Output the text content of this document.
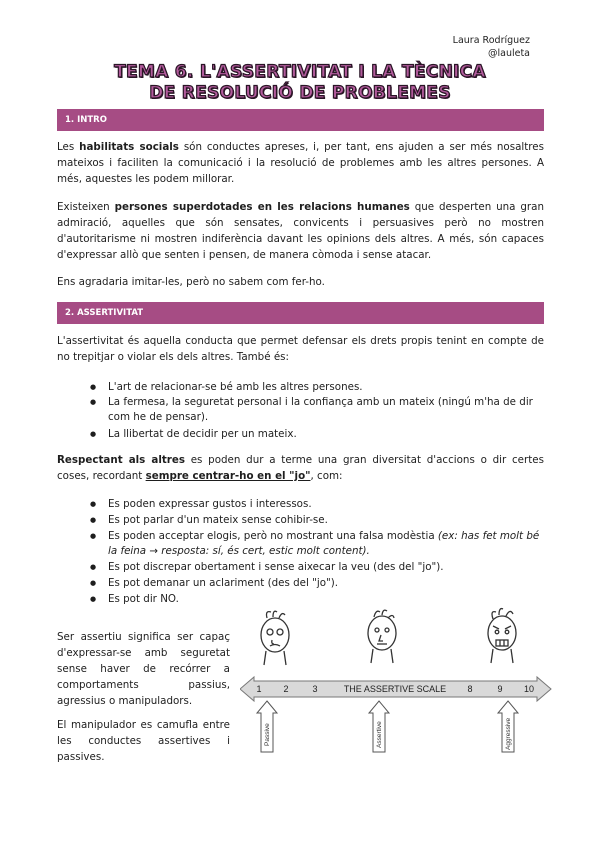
Laura Rodríguez
@lauleta
TEMA 6. L'ASSERTIVITAT I LA TÈCNICA
DE RESOLUCIÓ DE PROBLEMES
1. INTRO

Les habilitats socials són conductes apreses, i, per tant, ens ajuden a ser més nosaltres mateixos i faciliten la comunicació i la resolució de problemes amb les altres persones. A més, aquestes les podem millorar.

Existeixen persones superdotades en les relacions humanes que desperten una gran admiració, aquelles que són sensates, convicents i persuasives però no mostren d'autoritarisme ni mostren indiferència davant les opinions dels altres. A més, són capaces d'expressar allò que senten i pensen, de manera còmoda i sense atacar.

Ens agradaria imitar-les, però no sabem com fer-ho.

2. ASSERTIVITAT

L'assertivitat és aquella conducta que permet defensar els drets propis tenint en compte de no trepitjar o violar els dels altres. També és:

● L'art de relacionar-se bé amb les altres persones.
● La fermesa, la seguretat personal i la confiança amb un mateix (ningú m'ha de dir com he de pensar).
● La llibertat de decidir per un mateix.

Respectant als altres es poden dur a terme una gran diversitat d'accions o dir certes coses, recordant sempre centrar-ho en el "jo", com:

● Es poden expressar gustos i interessos.
● Es pot parlar d'un mateix sense cohibir-se.
● Es poden acceptar elogis, però no mostrant una falsa modèstia (ex: has fet molt bé la feina → resposta: sí, és cert, estic molt content).
● Es pot discrepar obertament i sense aixecar la veu (des del "jo").
● Es pot demanar un aclariment (des del "jo").
● Es pot dir NO.

Ser assertiu significa ser capaç d'expressar-se amb seguretat sense haver de recórrer a comportaments passius, agressius o manipuladors.

El manipulador es camufla entre les conductes assertives i passives.

1 2	3	THE ASSERTIVE SCALE 8	9 10
Passive	Assertive	Aggressive
